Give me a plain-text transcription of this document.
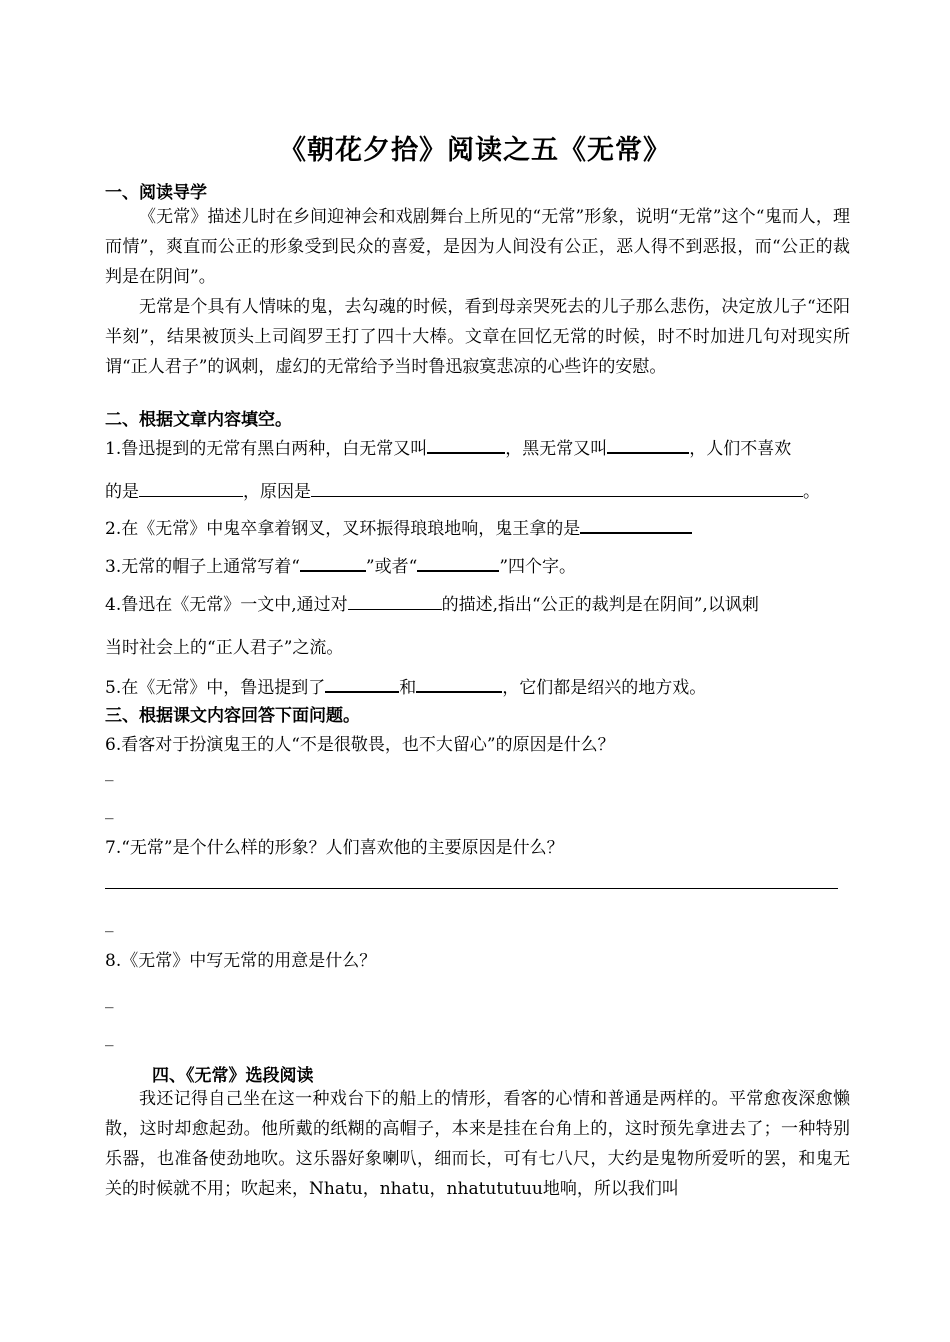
《朝花夕拾》阅读之五《无常》
一、阅读导学
《无常》描述儿时在乡间迎神会和戏剧舞台上所见的“无常”形象，说明“无常”这个“鬼而人，理而情”，爽直而公正的形象受到民众的喜爱，是因为人间没有公正，恶人得不到恶报，而“公正的裁判是在阴间”。
无常是个具有人情味的鬼，去勾魂的时候，看到母亲哭死去的儿子那么悲伤，决定放儿子“还阳半刻”，结果被顶头上司阎罗王打了四十大棒。文章在回忆无常的时候，时不时加进几句对现实所谓“正人君子”的讽刺，虚幻的无常给予当时鲁迅寂寞悲凉的心些许的安慰。
二、根据文章内容填空。
1.鲁迅提到的无常有黑白两种，白无常又叫	，黑无常又叫	，人们不喜欢
的是	，原因是	。
2.在《无常》中鬼卒拿着钢叉，叉环振得琅琅地响，鬼王拿的是
3.无常的帽子上通常写着“	”或者“	”四个字。
4.鲁迅在《无常》一文中,通过对	的描述,指出“公正的裁判是在阴间”,以讽刺
当时社会上的“正人君子”之流。
5.在《无常》中，鲁迅提到了	和	，它们都是绍兴的地方戏。
三、根据课文内容回答下面问题。
6.看客对于扮演鬼王的人“不是很敬畏，也不大留心”的原因是什么？
_
_
7.“无常”是个什么样的形象？人们喜欢他的主要原因是什么？
_
8.《无常》中写无常的用意是什么？
_
_
四、《无常》选段阅读
我还记得自己坐在这一种戏台下的船上的情形，看客的心情和普通是两样的。平常愈夜深愈懒散，这时却愈起劲。他所戴的纸糊的高帽子，本来是挂在台角上的，这时预先拿进去了；一种特别乐器，也准备使劲地吹。这乐器好象喇叭，细而长，可有七八尺，大约是鬼物所爱听的罢，和鬼无关的时候就不用；吹起来，Nhatu，nhatu，nhatututuu地响，所以我们叫
